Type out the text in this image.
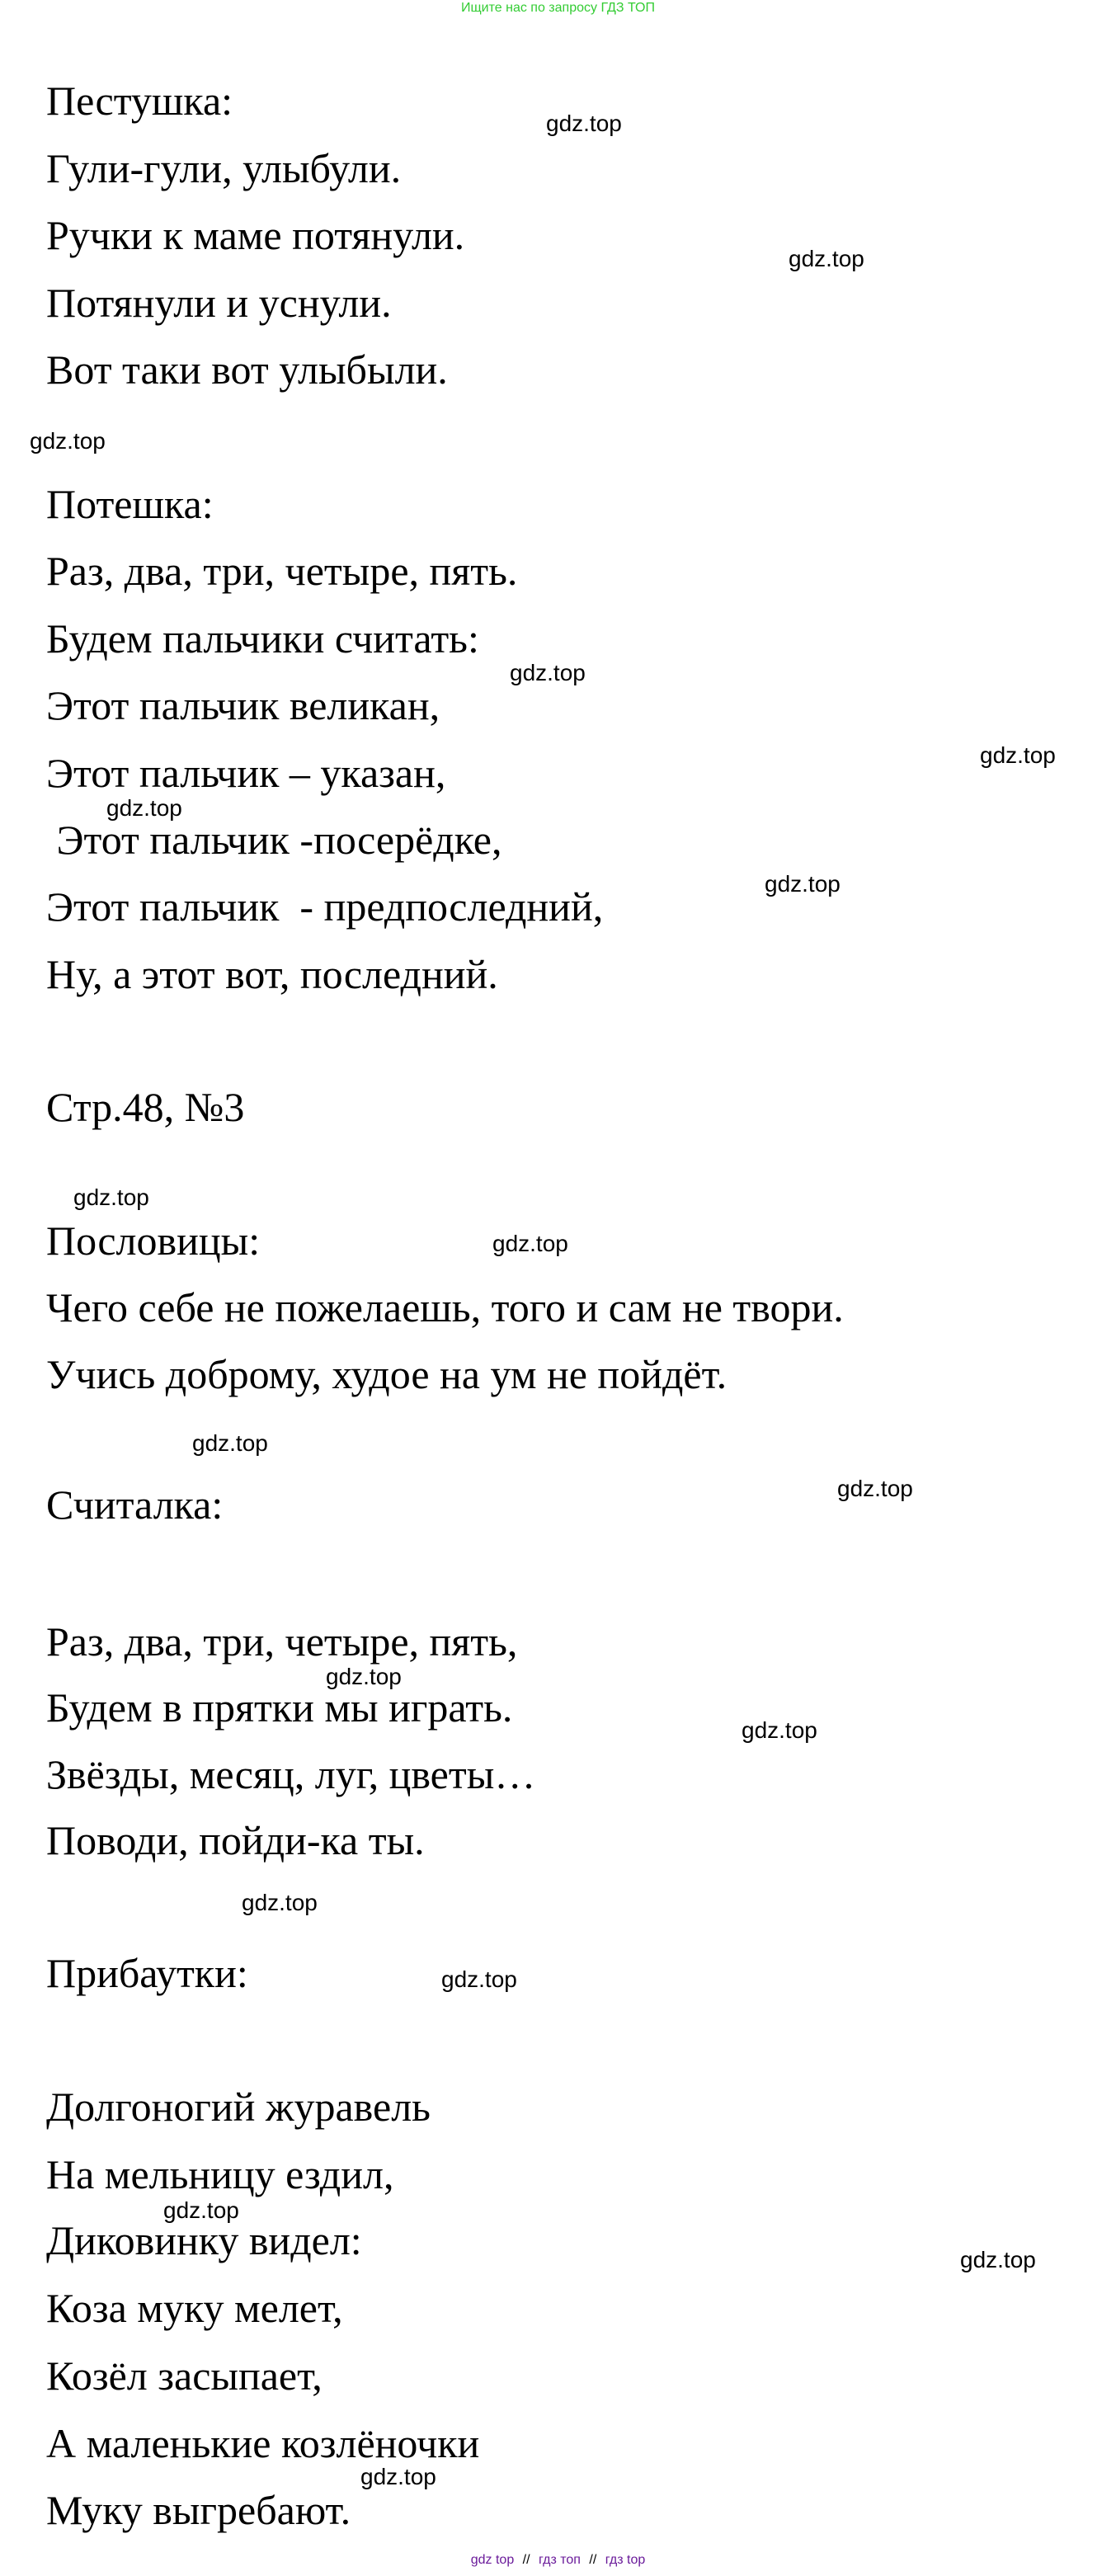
Ищите нас по запросу ГДЗ ТОП
Пестушка:
Гули-гули, улыбули.
Ручки к маме потянули.
Потянули и уснули.
Вот таки вот улыбыли.
Потешка:
Раз, два, три, четыре, пять.
Будем пальчики считать:
Этот пальчик великан,
Этот пальчик – указан,
Этот пальчик -посерёдке,
Этот пальчик  - предпоследний,
Ну, а этот вот, последний.
Стр.48, №3
Пословицы:
Чего себе не пожелаешь, того и сам не твори.
Учись доброму, худое на ум не пойдёт.
Считалка:
Раз, два, три, четыре, пять,
Будем в прятки мы играть.
Звёзды, месяц, луг, цветы…
Поводи, пойди-ка ты.
Прибаутки:
Долгоногий журавель
На мельницу ездил,
Диковинку видел:
Коза муку мелет,
Козёл засыпает,
А маленькие козлёночки
Муку выгребают.
gdz.top
gdz.top
gdz.top
gdz.top
gdz.top
gdz.top
gdz.top
gdz.top
gdz.top
gdz.top
gdz.top
gdz.top
gdz.top
gdz.top
gdz.top
gdz.top
gdz.top
gdz.top
gdz top // гдз топ // гдз top
